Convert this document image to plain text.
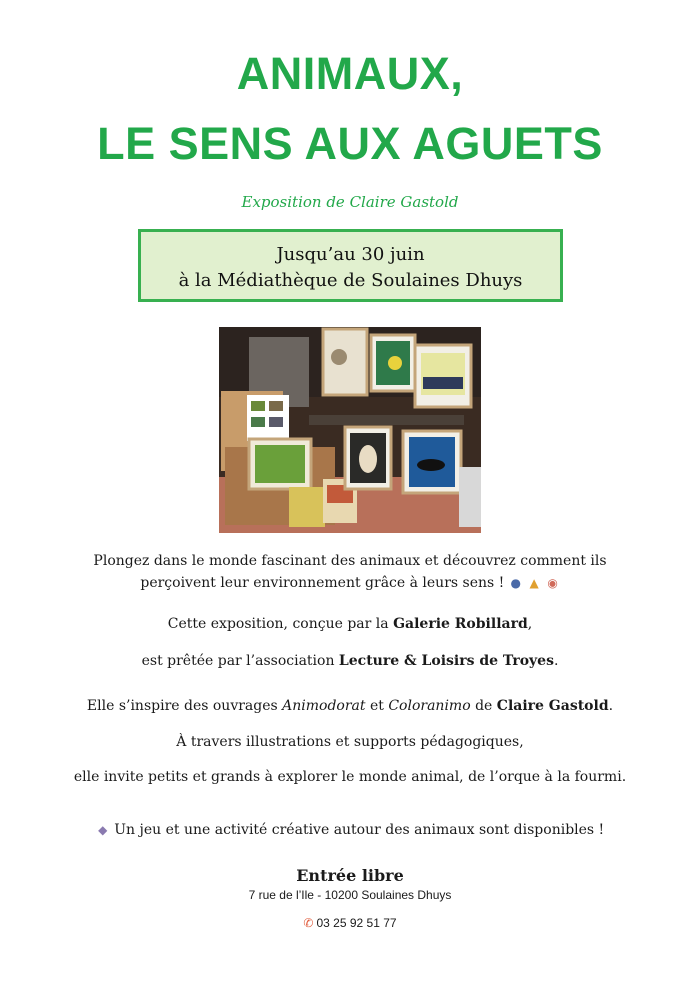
ANIMAUX,
LE SENS AUX AGUETS
Exposition de Claire Gastold
Jusqu’au 30 juin
à la Médiathèque de Soulaines Dhuys

Plongez dans le monde fascinant des animaux et découvrez comment ils

perçoivent leur environnement grâce à leurs sens ! ● ▲ ◉

Cette exposition, conçue par la Galerie Robillard,

est prêtée par l’association Lecture & Loisirs de Troyes.

Elle s’inspire des ouvrages Animodorat et Coloranimo de Claire Gastold.

À travers illustrations et supports pédagogiques,

elle invite petits et grands à explorer le monde animal, de l’orque à la fourmi.

◆ Un jeu et une activité créative autour des animaux sont disponibles !

Entrée libre
7 rue de l’Ile - 10200 Soulaines Dhuys
✆ 03 25 92 51 77
